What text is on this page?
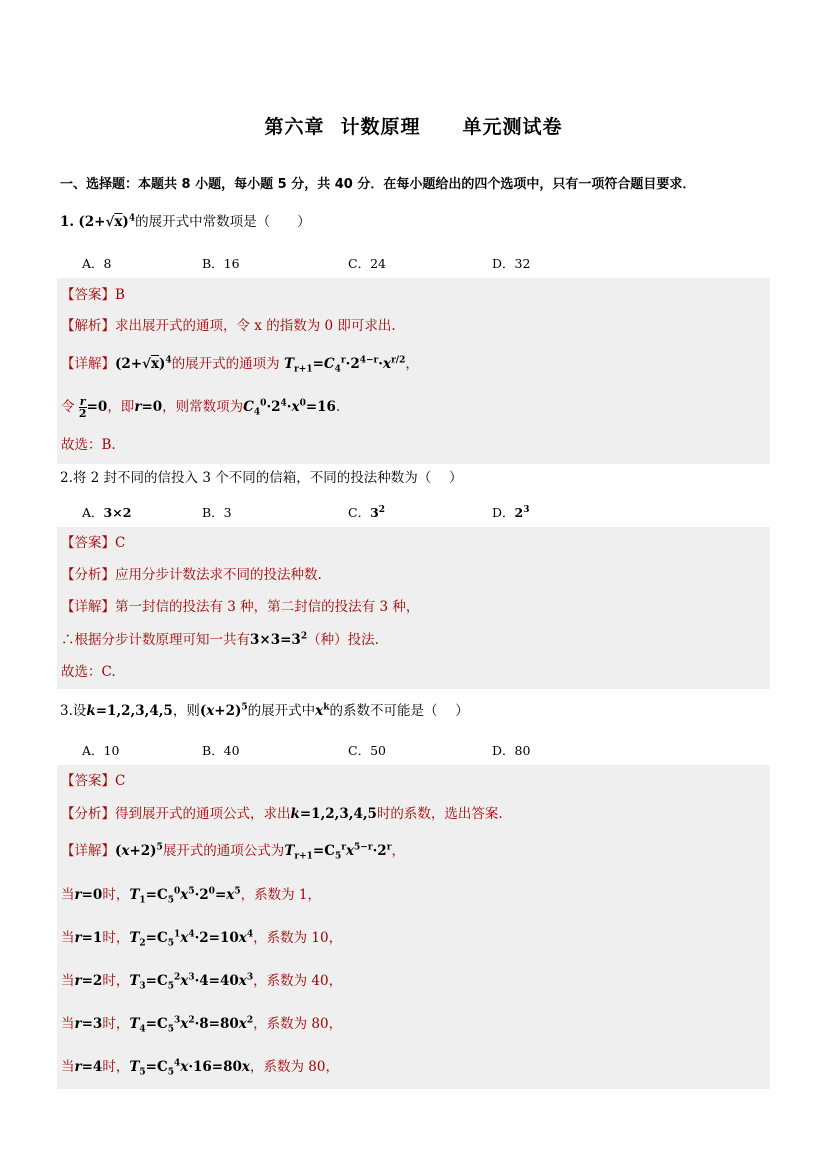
第六章 计数原理 单元测试卷
一、选择题：本题共 8 小题，每小题 5 分，共 40 分．在每小题给出的四个选项中，只有一项符合题目要求．
1. $(2+√x)^4$的展开式中常数项是（　　）
A．8	B．16	C．24	D．32
【答案】B
【解析】求出展开式的通项，令 x 的指数为 0 即可求出.
【详解】$(2+√x)^4$的展开式的通项为 $T_{r+1}=C_4^r\cdot 2^{4-r}\cdot x^{r/2}$，
令 $\frac{r}{2} =0$，即r=0，则常数项为$C_4^0\cdot 2^4\cdot x^0=16$.
故选：B.
2.将 2 封不同的信投入 3 个不同的信箱，不同的投法种数为（　 ）
A．3×2	B．3	C．$3^2$	D．$2^3$
【答案】C
【分析】应用分步计数法求不同的投法种数.
【详解】第一封信的投法有 3 种，第二封信的投法有 3 种，
∴根据分步计数原理可知一共有$3\times 3=3^2$（种）投法.
故选：C.
3.设k=1,2,3,4,5，则$(x+2)^5$的展开式中$x^k$的系数不可能是（　 ）
A．10	B．40	C．50	D．80
【答案】C
【分析】得到展开式的通项公式，求出k=1,2,3,4,5时的系数，选出答案.
【详解】$(x+2)^5$展开式的通项公式为$T_{r+1}=C_5^rx^{5-r}\cdot 2^r$，
当r=0时，$T_1=C_5^0x^5\cdot 2^0=x^5$，系数为 1，
当r=1时，$T_2=C_5^1x^4\cdot 2=10x^4$，系数为 10，
当r=2时，$T_3=C_5^2x^3\cdot 4=40x^3$，系数为 40，
当r=3时，$T_4=C_5^3x^2\cdot 8=80x^2$，系数为 80，
当r=4时，$T_5=C_5^4x\cdot 16=80x$，系数为 80，
